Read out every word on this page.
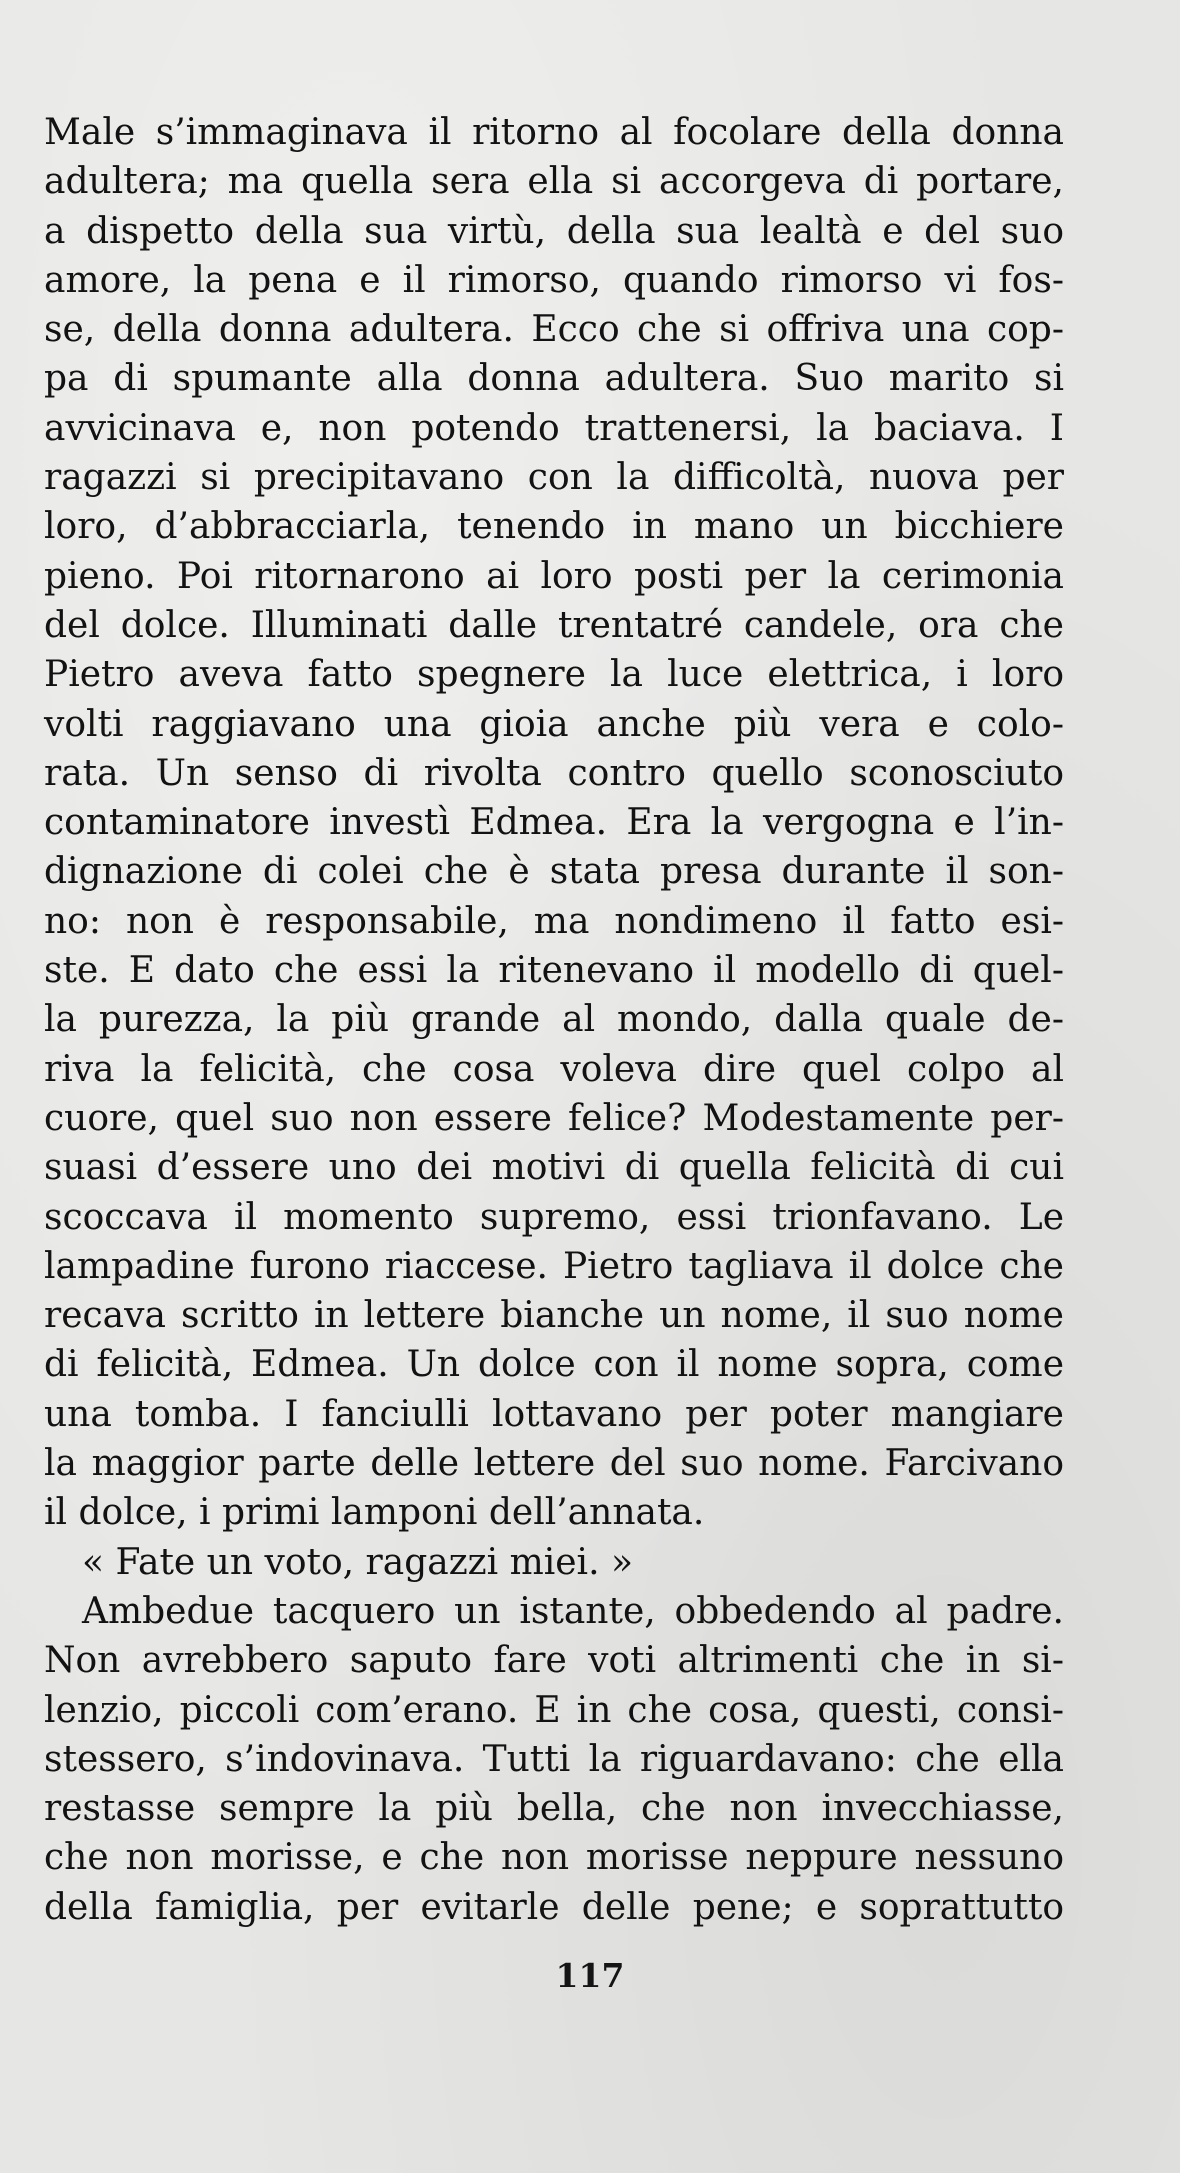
Male s’immaginava il ritorno al focolare della donna
adultera; ma quella sera ella si accorgeva di portare,
a dispetto della sua virtù, della sua lealtà e del suo
amore, la pena e il rimorso, quando rimorso vi fos-
se, della donna adultera. Ecco che si offriva una cop-
pa di spumante alla donna adultera. Suo marito si
avvicinava e, non potendo trattenersi, la baciava. I
ragazzi si precipitavano con la difficoltà, nuova per
loro, d’abbracciarla, tenendo in mano un bicchiere
pieno. Poi ritornarono ai loro posti per la cerimonia
del dolce. Illuminati dalle trentatré candele, ora che
Pietro aveva fatto spegnere la luce elettrica, i loro
volti raggiavano una gioia anche più vera e colo-
rata. Un senso di rivolta contro quello sconosciuto
contaminatore investì Edmea. Era la vergogna e l’in-
dignazione di colei che è stata presa durante il son-
no: non è responsabile, ma nondimeno il fatto esi-
ste. E dato che essi la ritenevano il modello di quel-
la purezza, la più grande al mondo, dalla quale de-
riva la felicità, che cosa voleva dire quel colpo al
cuore, quel suo non essere felice? Modestamente per-
suasi d’essere uno dei motivi di quella felicità di cui
scoccava il momento supremo, essi trionfavano. Le
lampadine furono riaccese. Pietro tagliava il dolce che
recava scritto in lettere bianche un nome, il suo nome
di felicità, Edmea. Un dolce con il nome sopra, come
una tomba. I fanciulli lottavano per poter mangiare
la maggior parte delle lettere del suo nome. Farcivano
il dolce, i primi lamponi dell’annata.
« Fate un voto, ragazzi miei. »
Ambedue tacquero un istante, obbedendo al padre.
Non avrebbero saputo fare voti altrimenti che in si-
lenzio, piccoli com’erano. E in che cosa, questi, consi-
stessero, s’indovinava. Tutti la riguardavano: che ella
restasse sempre la più bella, che non invecchiasse,
che non morisse, e che non morisse neppure nessuno
della famiglia, per evitarle delle pene; e soprattutto
117
